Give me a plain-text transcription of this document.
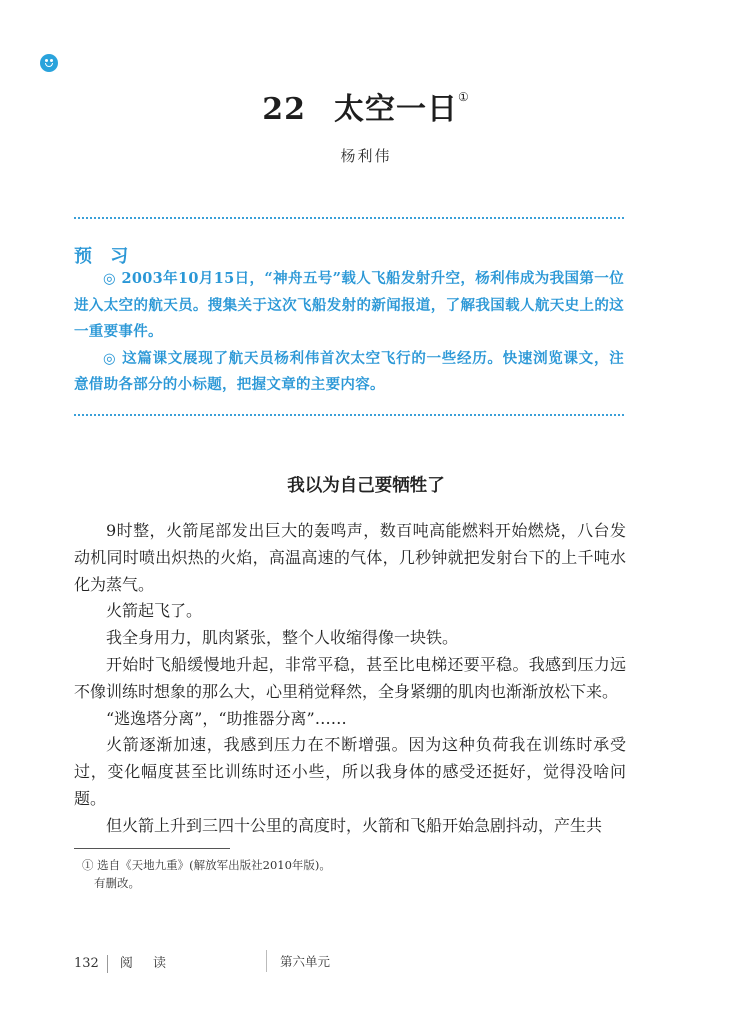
22 太空一日①
杨利伟
预 习

◎ 2003年10月15日，“神舟五号”载人飞船发射升空，杨利伟成为我国第一位进入太空的航天员。搜集关于这次飞船发射的新闻报道，了解我国载人航天史上的这一重要事件。

◎ 这篇课文展现了航天员杨利伟首次太空飞行的一些经历。快速浏览课文，注意借助各部分的小标题，把握文章的主要内容。

我以为自己要牺牲了

9时整，火箭尾部发出巨大的轰鸣声，数百吨高能燃料开始燃烧，八台发动机同时喷出炽热的火焰，高温高速的气体，几秒钟就把发射台下的上千吨水化为蒸气。

火箭起飞了。

我全身用力，肌肉紧张，整个人收缩得像一块铁。

开始时飞船缓慢地升起，非常平稳，甚至比电梯还要平稳。我感到压力远不像训练时想象的那么大，心里稍觉释然，全身紧绷的肌肉也渐渐放松下来。

“逃逸塔分离”，“助推器分离”……

火箭逐渐加速，我感到压力在不断增强。因为这种负荷我在训练时承受过，变化幅度甚至比训练时还小些，所以我身体的感受还挺好，觉得没啥问题。

但火箭上升到三四十公里的高度时，火箭和飞船开始急剧抖动，产生共

① 选自《天地九重》(解放军出版社2010年版)。
有删改。
132 阅 读	第六单元
